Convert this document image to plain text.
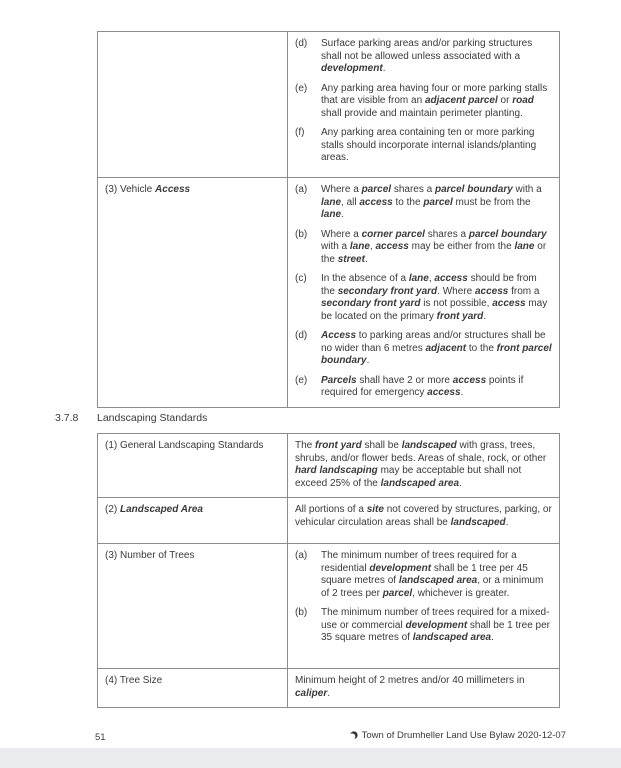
(d)	Surface parking areas and/or parking structures shall not be allowed unless associated with a development.
(e)	Any parking area having four or more parking stalls that are visible from an adjacent parcel or road shall provide and maintain perimeter planting.
(f)	Any parking area containing ten or more parking stalls should incorporate internal islands/planting areas.
(3) Vehicle Access	(a)	Where a parcel shares a parcel boundary with a lane, all access to the parcel must be from the lane.
(b)	Where a corner parcel shares a parcel boundary with a lane, access may be either from the lane or the street.
(c)	In the absence of a lane, access should be from the secondary front yard. Where access from a secondary front yard is not possible, access may be located on the primary front yard.
(d)	Access to parking areas and/or structures shall be no wider than 6 metres adjacent to the front parcel boundary.
(e)	Parcels shall have 2 or more access points if required for emergency access.
3.7.8 Landscaping Standards
(1) General Landscaping Standards	The front yard shall be landscaped with grass, trees, shrubs, and/or flower beds. Areas of shale, rock, or other hard landscaping may be acceptable but shall not exceed 25% of the landscaped area.
(2) Landscaped Area	All portions of a site not covered by structures, parking, or vehicular circulation areas shall be landscaped.
(3) Number of Trees	(a)	The minimum number of trees required for a residential development shall be 1 tree per 45 square metres of landscaped area, or a minimum of 2 trees per parcel, whichever is greater.
(b)	The minimum number of trees required for a mixed-use or commercial development shall be 1 tree per 35 square metres of landscaped area.
(4) Tree Size	Minimum height of 2 metres and/or 40 millimeters in caliper.
51	Town of Drumheller Land Use Bylaw 2020-12-07
